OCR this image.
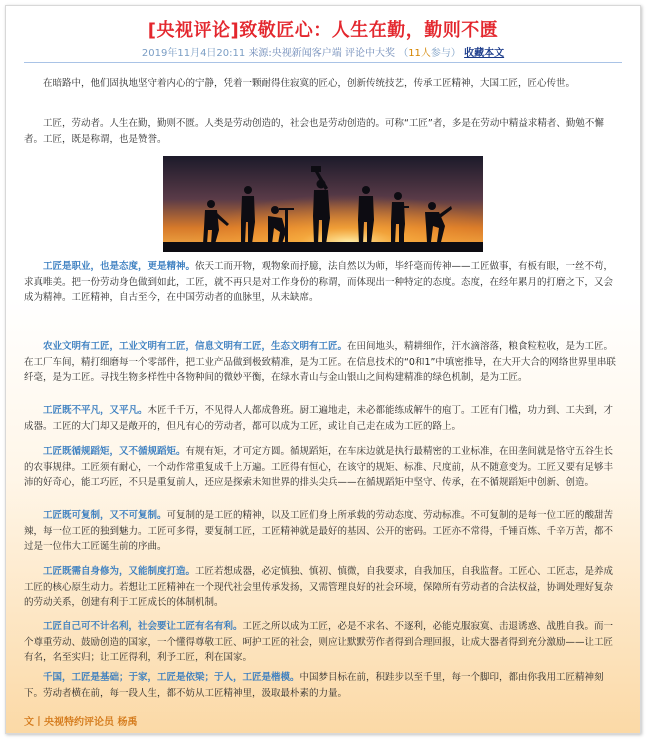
[央视评论]致敬匠心：人生在勤，勤则不匮
2019年11月4日20:11 来源:央视新闻客户端 评论中大奖 （11人参与） 收藏本文

在暗路中，他们固执地坚守着内心的宁静，凭着一颗耐得住寂寞的匠心，创新传统技艺，传承工匠精神，大国工匠，匠心传世。

工匠，劳动者。人生在勤，勤则不匮。人类是劳动创造的，社会也是劳动创造的。可称“工匠”者，多是在劳动中精益求精者、勤勉不懈者。工匠，既是称谓，也是赞誉。

工匠是职业，也是态度，更是精神。依天工而开物，观物象而抒臆，法自然以为师，毕纤毫而传神——工匠做事，有板有眼，一丝不苟，求真唯美。把一份劳动身色做到如此，工匠，就不再只是对工作身份的称谓，而体现出一种特定的态度。态度，在经年累月的打磨之下，又会成为精神。工匠精神，自古至今，在中国劳动者的血脉里，从未缺席。

农业文明有工匠，工业文明有工匠，信息文明有工匠，生态文明有工匠。在田间地头，精耕细作，汗水滴溶落，粮食粒粒收，是为工匠。在工厂车间，精打细磨每一个零部件，把工业产品做到极致精准，是为工匠。在信息技术的“0和1”中填密推导，在大开大合的网络世界里串联纤毫，是为工匠。寻找生物多样性中各物种间的微妙平衡，在绿水青山与金山银山之间构建精准的绿色机制，是为工匠。

工匠既不平凡，又平凡。木匠千千万，不见得人人都成鲁班。厨工遍地走，未必都能练成解牛的庖丁。工匠有门槛，功力到、工夫到，才成器。工匠的大门却又是敞开的，但凡有心的劳动者，都可以成为工匠，或让自己走在成为工匠的路上。

工匠既循规蹈矩，又不循规蹈矩。有规有矩，才可定方圆。循规蹈矩，在车床边就是执行最精密的工业标准，在田垄间就是恪守五谷生长的农事规律。工匠须有耐心，一个动作常重复成千上万遍。工匠得有恒心，在该守的规矩、标准、尺度前，从不随意变为。工匠又要有足够丰沛的好奇心，能工巧匠，不只是重复前人，还应是探索未知世界的排头尖兵——在循规蹈矩中坚守、传承，在不循规蹈矩中创新、创造。

工匠既可复制，又不可复制。可复制的是工匠的精神，以及工匠们身上所承载的劳动态度、劳动标准。不可复制的是每一位工匠的酸甜苦辣，每一位工匠的独到魅力。工匠可多得，要复制工匠，工匠精神就是最好的基因、公开的密码。工匠亦不常得，千锤百炼、千辛万苦，都不过是一位伟大工匠诞生前的序曲。

工匠既需自身修为，又能制度打造。工匠若想成器，必定慎独、慎初、慎微，自我要求，自我加压，自我监督。工匠心、工匠志，是养成工匠的核心原生动力。若想让工匠精神在一个现代社会里传承发扬，又需管理良好的社会环境，保障所有劳动者的合法权益，协调处理好复杂的劳动关系，创建有利于工匠成长的体制机制。

工匠自己可不计名利，社会要让工匠有名有利。工匠之所以成为工匠，必是不求名、不逐利，必能克服寂寞、击退诱惑、战胜自我。而一个尊重劳动、鼓励创造的国家，一个懂得尊敬工匠、呵护工匠的社会，则应让默默劳作者得到合理回报，让成大器者得到充分激励——让工匠有名，名至实归；让工匠得利，利予工匠，利在国家。

千国，工匠是基础；于家，工匠是依梁；于人，工匠是楷模。中国梦目标在前，积跬步以至千里，每一个脚印，都由你我用工匠精神刻下。劳动者横在前，每一段人生，都不妨从工匠精神里，汲取最朴素的力量。

文丨央视特约评论员 杨禹
